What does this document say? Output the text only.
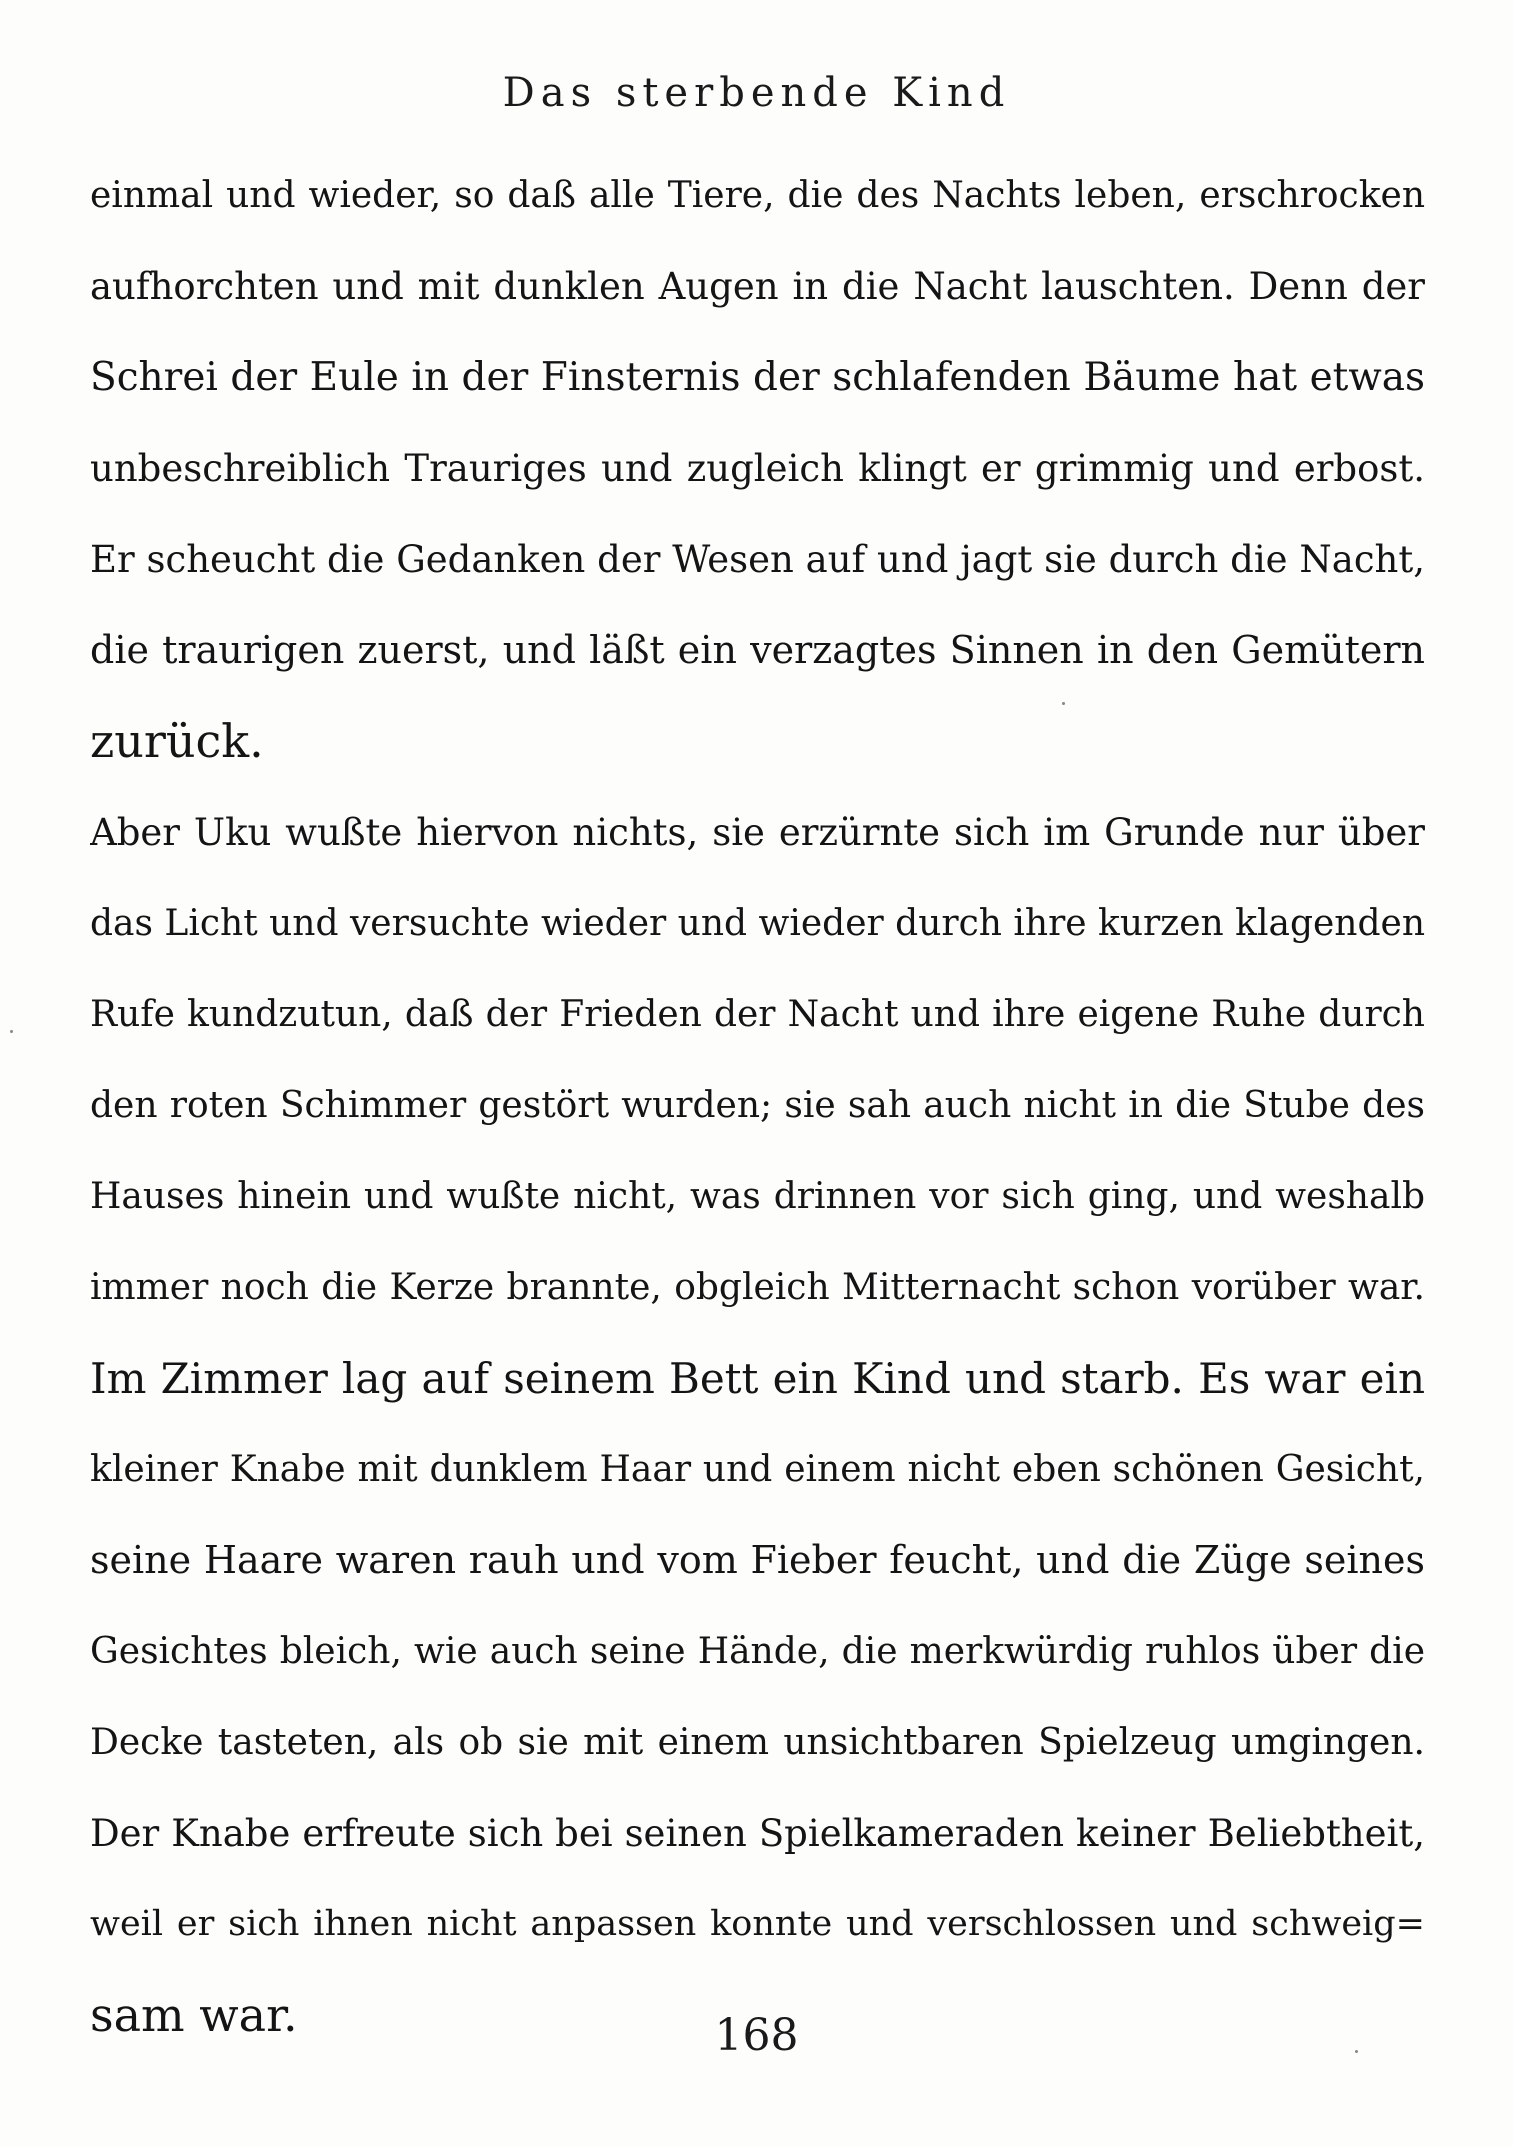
Das sterbende Kind
einmal und wieder, so daß alle Tiere, die des Nachts leben, erschrocken
aufhorchten und mit dunklen Augen in die Nacht lauschten. Denn der
Schrei der Eule in der Finsternis der schlafenden Bäume hat etwas
unbeschreiblich Trauriges und zugleich klingt er grimmig und erbost.
Er scheucht die Gedanken der Wesen auf und jagt sie durch die Nacht,
die traurigen zuerst, und läßt ein verzagtes Sinnen in den Gemütern
zurück.
Aber Uku wußte hiervon nichts, sie erzürnte sich im Grunde nur über
das Licht und versuchte wieder und wieder durch ihre kurzen klagenden
Rufe kundzutun, daß der Frieden der Nacht und ihre eigene Ruhe durch
den roten Schimmer gestört wurden; sie sah auch nicht in die Stube des
Hauses hinein und wußte nicht, was drinnen vor sich ging, und weshalb
immer noch die Kerze brannte, obgleich Mitternacht schon vorüber war.
Im Zimmer lag auf seinem Bett ein Kind und starb. Es war ein
kleiner Knabe mit dunklem Haar und einem nicht eben schönen Gesicht,
seine Haare waren rauh und vom Fieber feucht, und die Züge seines
Gesichtes bleich, wie auch seine Hände, die merkwürdig ruhlos über die
Decke tasteten, als ob sie mit einem unsichtbaren Spielzeug umgingen.
Der Knabe erfreute sich bei seinen Spielkameraden keiner Beliebtheit,
weil er sich ihnen nicht anpassen konnte und verschlossen und schweig=
sam war.	168
